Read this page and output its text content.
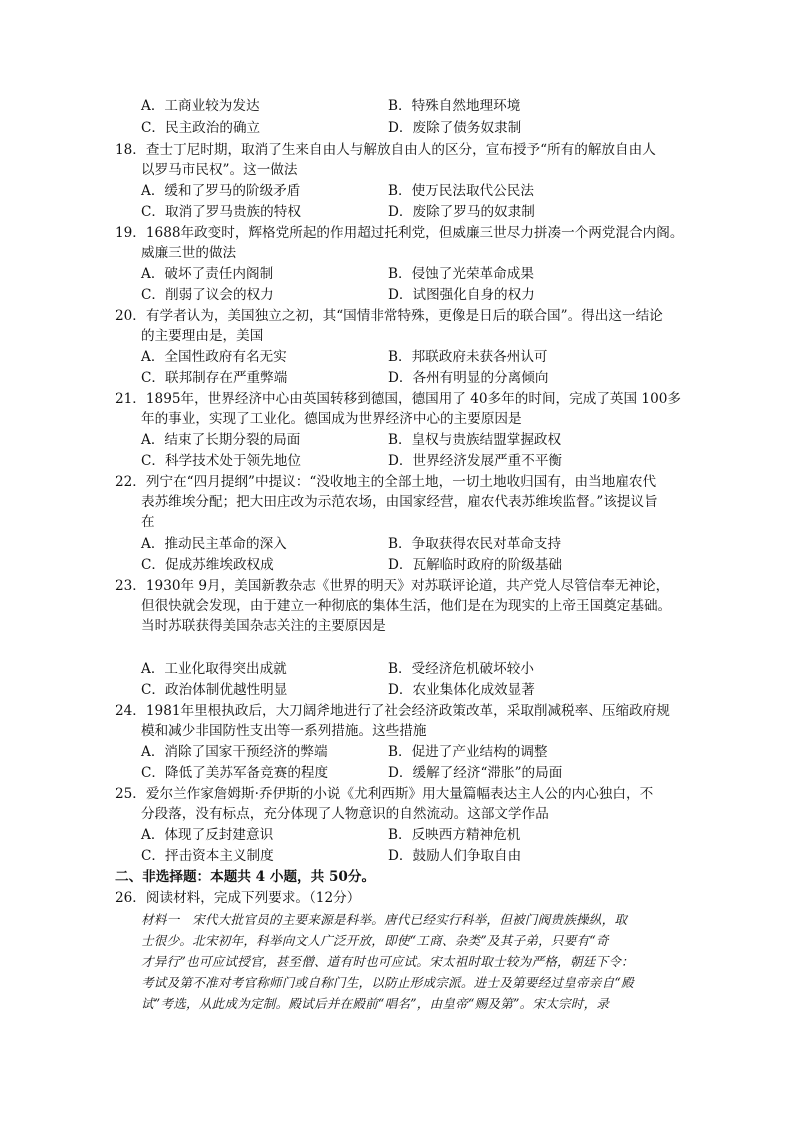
A．工商业较为发达	B．特殊自然地理环境
C．民主政治的确立	D．废除了债务奴隶制
18．查士丁尼时期，取消了生来自由人与解放自由人的区分，宣布授予“所有的解放自由人
以罗马市民权”。这一做法
A．缓和了罗马的阶级矛盾	B．使万民法取代公民法
C．取消了罗马贵族的特权	D．废除了罗马的奴隶制
19．1688年政变时，辉格党所起的作用超过托利党，但威廉三世尽力拼凑一个两党混合内阁。
威廉三世的做法
A．破坏了责任内阁制	B．侵蚀了光荣革命成果
C．削弱了议会的权力	D．试图强化自身的权力
20．有学者认为，美国独立之初，其“国情非常特殊，更像是日后的联合国”。得出这一结论
的主要理由是，美国
A．全国性政府有名无实	B．邦联政府未获各州认可
C．联邦制存在严重弊端	D．各州有明显的分离倾向
21．1895年，世界经济中心由英国转移到德国，德国用了 40多年的时间，完成了英国 100多
年的事业，实现了工业化。德国成为世界经济中心的主要原因是
A．结束了长期分裂的局面	B．皇权与贵族结盟掌握政权
C．科学技术处于领先地位	D．世界经济发展严重不平衡
22．列宁在“四月提纲”中提议：“没收地主的全部土地，一切土地收归国有，由当地雇农代
表苏维埃分配；把大田庄改为示范农场，由国家经营，雇农代表苏维埃监督。”该提议旨
在
A．推动民主革命的深入	B．争取获得农民对革命支持
C．促成苏维埃政权成	D．瓦解临时政府的阶级基础
23．1930年 9月，美国新教杂志《世界的明天》对苏联评论道，共产党人尽管信奉无神论，
但很快就会发现，由于建立一种彻底的集体生活，他们是在为现实的上帝王国奠定基础。
当时苏联获得美国杂志关注的主要原因是
A．工业化取得突出成就	B．受经济危机破坏较小
C．政治体制优越性明显	D．农业集体化成效显著
24．1981年里根执政后，大刀阔斧地进行了社会经济政策改革，采取削减税率、压缩政府规
模和减少非国防性支出等一系列措施。这些措施
A．消除了国家干预经济的弊端	B．促进了产业结构的调整
C．降低了美苏军备竞赛的程度	D．缓解了经济“滞胀”的局面
25．爱尔兰作家詹姆斯·乔伊斯的小说《尤利西斯》用大量篇幅表达主人公的内心独白，不
分段落，没有标点，充分体现了人物意识的自然流动。这部文学作品
A．体现了反封建意识	B．反映西方精神危机
C．抨击资本主义制度	D．鼓励人们争取自由
二、非选择题：本题共 4 小题，共 50分。
26．阅读材料，完成下列要求。（12分）
材料一　宋代大批官员的主要来源是科举。唐代已经实行科举，但被门阀贵族操纵，取
士很少。北宋初年，科举向文人广泛开放，即使“工商、杂类”及其子弟，只要有“奇
才异行”也可应试授官，甚至僧、道有时也可应试。宋太祖时取士较为严格，朝廷下令：
考试及第不准对考官称师门或自称门生，以防止形成宗派。进士及第要经过皇帝亲自“殿
试”考选，从此成为定制。殿试后并在殿前“唱名”，由皇帝“赐及第”。宋太宗时，录
